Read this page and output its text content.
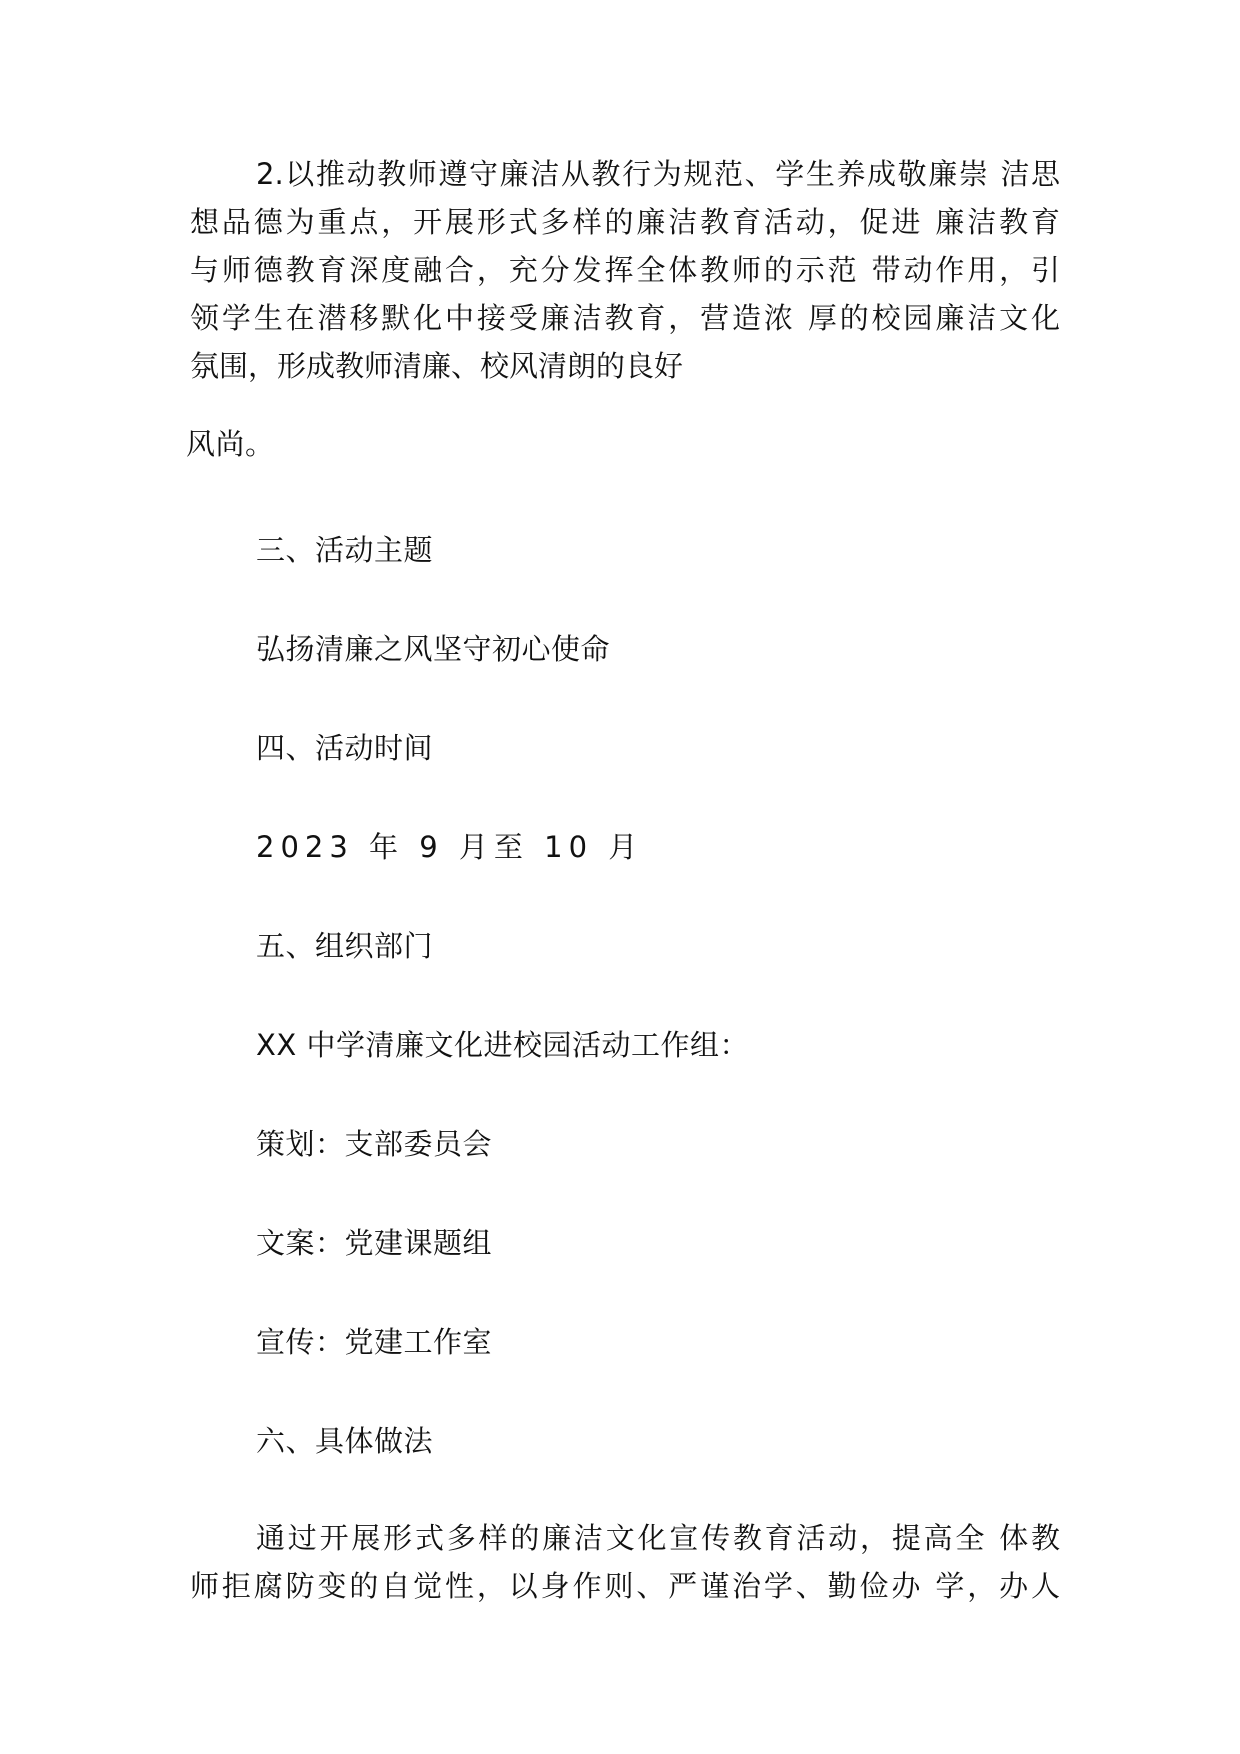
2.以推动教师遵守廉洁从教行为规范、学生养成敬廉崇 洁思
想品德为重点，开展形式多样的廉洁教育活动，促进 廉洁教育
与师德教育深度融合，充分发挥全体教师的示范 带动作用，引
领学生在潜移默化中接受廉洁教育，营造浓 厚的校园廉洁文化
氛围，形成教师清廉、校风清朗的良好
风尚。
三、活动主题
弘扬清廉之风坚守初心使命
四、活动时间
2023 年 9 月至 10 月
五、组织部门
XX 中学清廉文化进校园活动工作组：
策划：支部委员会
文案：党建课题组
宣传：党建工作室
六、具体做法
通过开展形式多样的廉洁文化宣传教育活动，提高全 体教
师拒腐防变的自觉性，以身作则、严谨治学、勤俭办 学，办人
